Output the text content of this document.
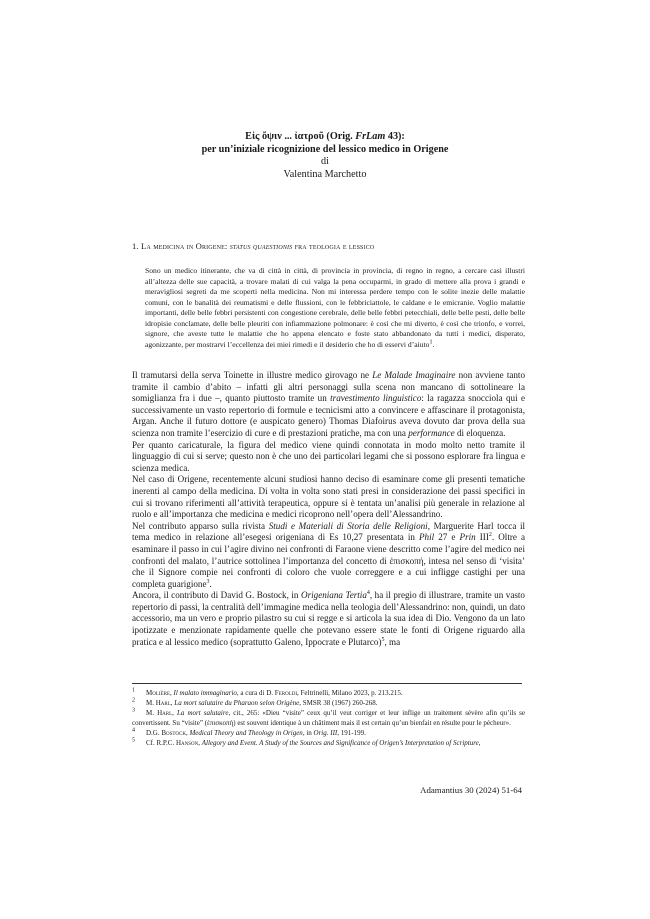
Εἰς ὄψιν ... ἰατροῦ (Orig. FrLam 43):
per un’iniziale ricognizione del lessico medico in Origene
di
Valentina Marchetto
1. La medicina in Origene: status quaestionis fra teologia e lessico
Sono un medico itinerante, che va di città in città, di provincia in provincia, di regno in regno, a cercare casi illustri all’altezza delle sue capacità, a trovare malati di cui valga la pena occuparmi, in grado di mettere alla prova i grandi e meravigliosi segreti da me scoperti nella medicina. Non mi interessa perdere tempo con le solite inezie delle malattie comuni, con le banalità dei reumatismi e delle flussioni, con le febbriciattole, le caldane e le emicranie. Voglio malattie importanti, delle belle febbri persistenti con congestione cerebrale, delle belle febbri petecchiali, delle belle pesti, delle belle idropisie conclamate, delle belle pleuriti con infiammazione polmonare: è così che mi diverto, è così che trionfo, e vorrei, signore, che aveste tutte le malattie che ho appena elencato e foste stato abbandonato da tutti i medici, disperato, agonizzante, per mostrarvi l’eccellenza dei miei rimedi e il desiderio che ho di esservi d’aiuto$^1$.

Il tramutarsi della serva Toinette in illustre medico girovago ne Le Malade Imaginaire non avviene tanto tramite il cambio d’abito – infatti gli altri personaggi sulla scena non mancano di sottolineare la somiglianza fra i due –, quanto piuttosto tramite un travestimento linguistico: la ragazza snocciola qui e successivamente un vasto repertorio di formule e tecnicismi atto a convincere e affascinare il protagonista, Argan. Anche il futuro dottore (e auspicato genero) Thomas Diafoirus aveva dovuto dar prova della sua scienza non tramite l’esercizio di cure e di prestazioni pratiche, ma con una performance di eloquenza.

Per quanto caricaturale, la figura del medico viene quindi connotata in modo molto netto tramite il linguaggio di cui si serve; questo non è che uno dei particolari legami che si possono esplorare fra lingua e scienza medica.

Nel caso di Origene, recentemente alcuni studiosi hanno deciso di esaminare come gli presenti tematiche inerenti al campo della medicina. Di volta in volta sono stati presi in considerazione dei passi specifici in cui si trovano riferimenti all’attività terapeutica, oppure si è tentata un’analisi più generale in relazione al ruolo e all’importanza che medicina e medici ricoprono nell’opera dell’Alessandrino.

Nel contributo apparso sulla rivista Studi e Materiali di Storia delle Religioni, Marguerite Harl tocca il tema medico in relazione all’esegesi origeniana di Es 10,27 presentata in Phil 27 e Prin III$^2$. Oltre a esaminare il passo in cui l’agire divino nei confronti di Faraone viene descritto come l’agire del medico nei confronti del malato, l’autrice sottolinea l’importanza del concetto di ἐπισκοπή, intesa nel senso di ‘visita’ che il Signore compie nei confronti di coloro che vuole correggere e a cui infligge castighi per una completa guarigione$^3$.

Ancora, il contributo di David G. Bostock, in Origeniana Tertia$^4$, ha il pregio di illustrare, tramite un vasto repertorio di passi, la centralità dell’immagine medica nella teologia dell’Alessandrino: non, quindi, un dato accessorio, ma un vero e proprio pilastro su cui si regge e si articola la sua idea di Dio. Vengono da un lato ipotizzate e menzionate rapidamente quelle che potevano essere state le fonti di Origene riguardo alla pratica e al lessico medico (soprattutto Galeno, Ippocrate e Plutarco)$^5$, ma

$^1$ Molière, Il malato immaginario, a cura di D. Feroldi, Feltrinelli, Milano 2023, p. 213.215.

$^2$ M. Harl, La mort salutaire du Pharaon selon Origène, SMSR 38 (1967) 260-268.

$^3$ M. Harl, La mort salutaire, cit., 265: «Dieu “visite” ceux qu’il veut corriger et leur inflige un traitement sévère afin qu’ils se convertissent. Su “visite” (ἐπισκοπή) est souvent identique à un châtiment mais il est certain qu’un bienfait en résulte pour le pécheur».

$^4$ D.G. Bostock, Medical Theory and Theology in Origen, in Orig. III, 191-199.

$^5$ Cf. R.P.C. Hanson, Allegory and Event. A Study of the Sources and Significance of Origen’s Interpretation of Scripture,

Adamantius 30 (2024) 51-64
